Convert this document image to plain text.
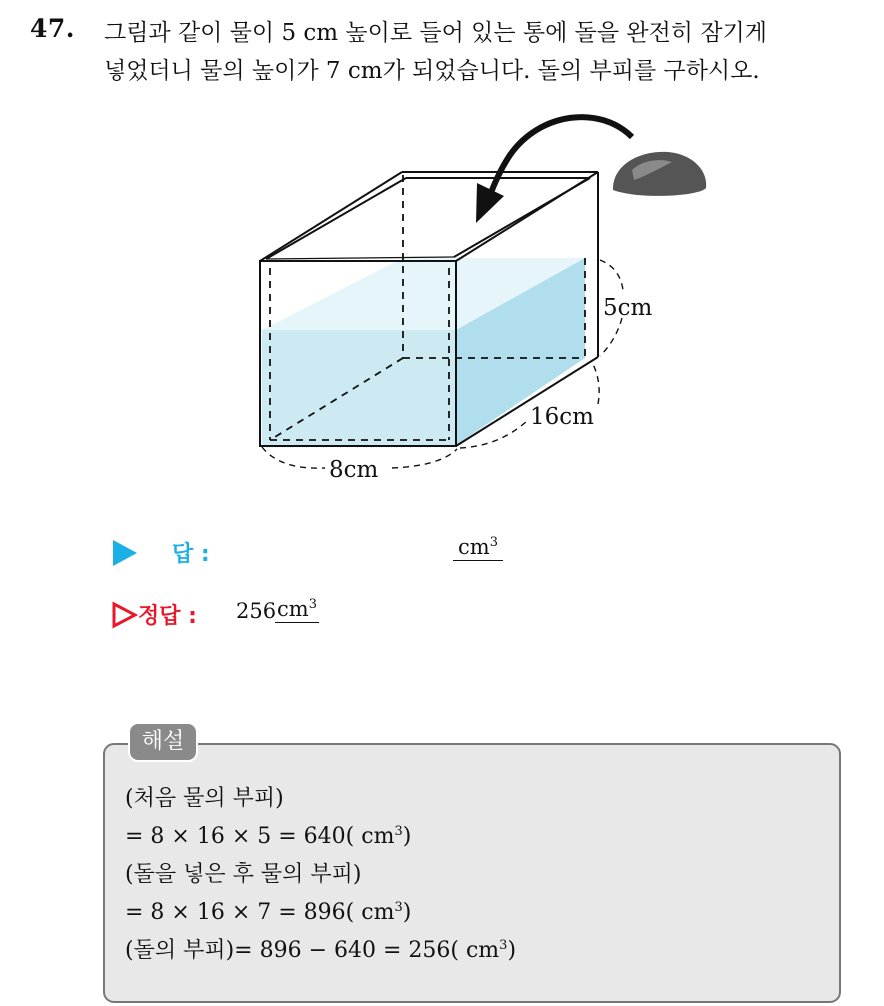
47. 그림과 같이 물이 5 cm 높이로 들어 있는 통에 돌을 완전히 잠기게
넣었더니 물의 높이가 7 cm가 되었습니다. 돌의 부피를 구하시오.
5cm
16cm
8cm
답 :	$cm^3$
정답 : 256 $cm^3$
해설
(처음 물의 부피)
= 8 × 16 × 5 = 640( $cm^3$)
(돌을 넣은 후 물의 부피)
= 8 × 16 × 7 = 896( $cm^3$)
(돌의 부피)= 896 − 640 = 256( $cm^3$)
